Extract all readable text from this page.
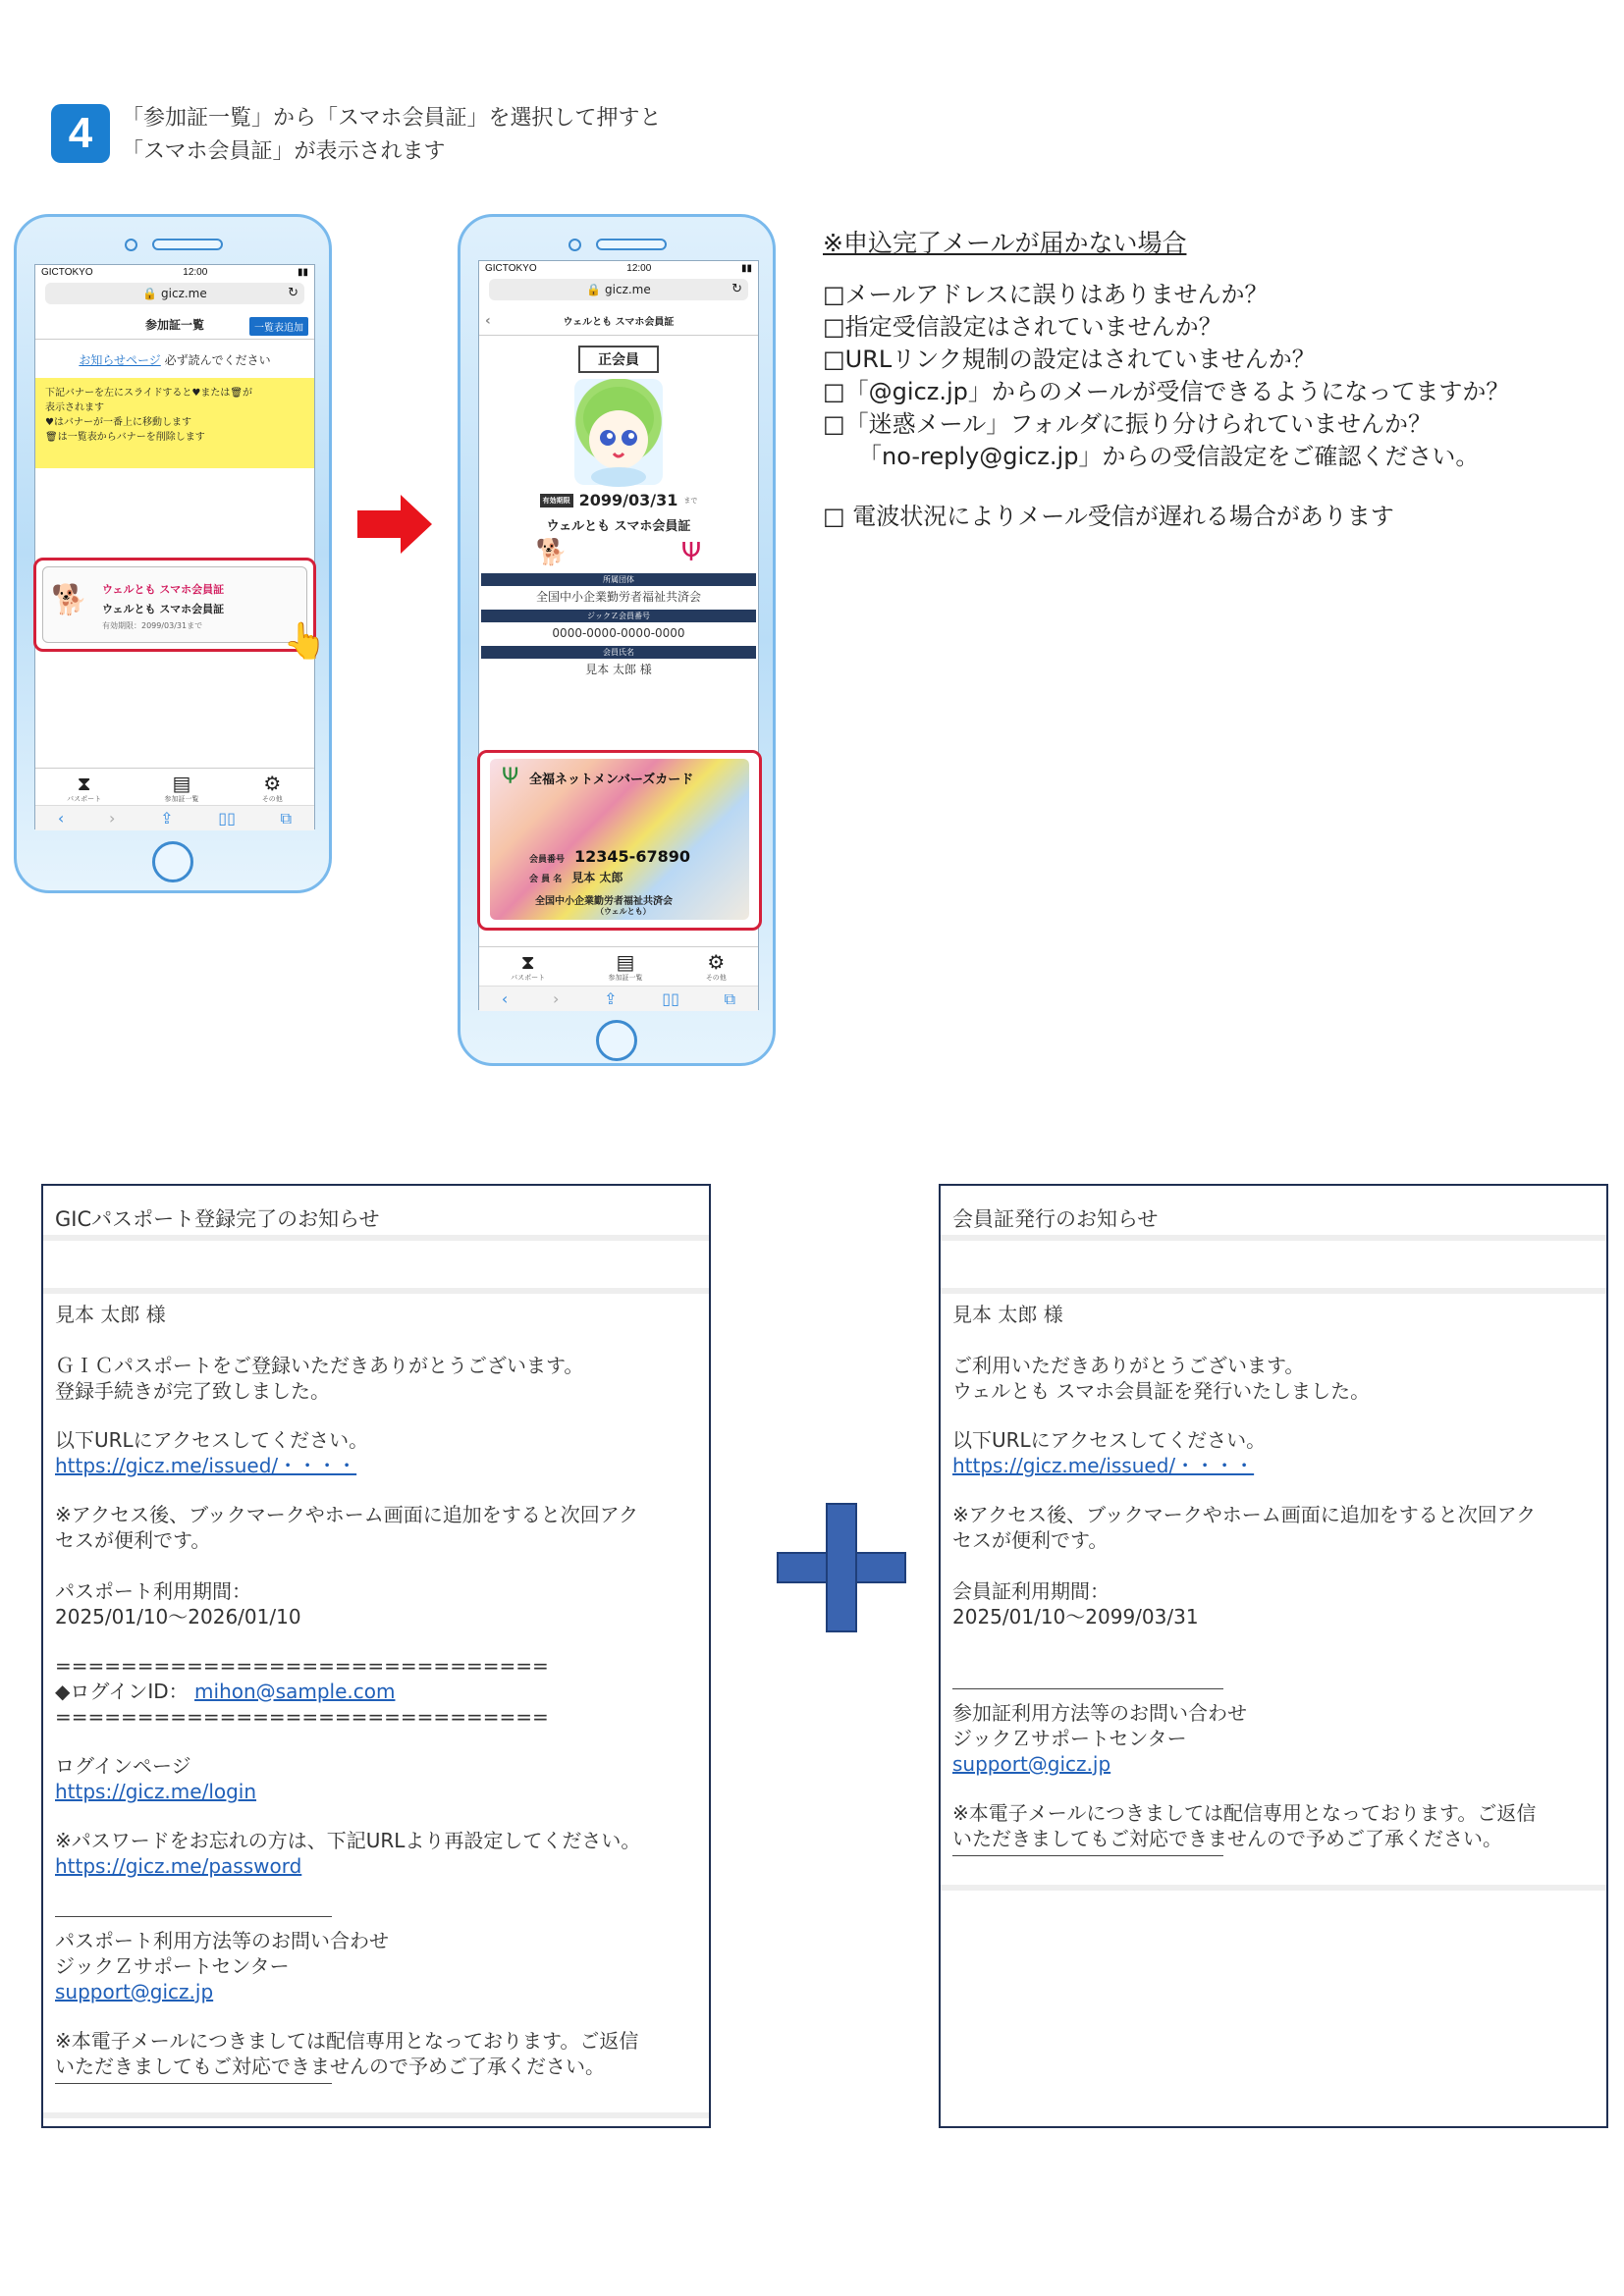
4	「参加証一覧」から「スマホ会員証」を選択して押すと
「スマホ会員証」が表示されます
GICTOKYO	12:00	▮▮
🔒 gicz.me	↻
参加証一覧	一覧表追加
お知らせページ 必ず読んでください
下記バナーを左にスライドすると♥または🗑が
表示されます
♥はバナーが一番上に移動します
🗑は一覧表からバナーを削除します
🐕 ウェルとも スマホ会員証
ウェルとも スマホ会員証
有効期限：2099/03/31まで 👆
⧗
パスポート
▤
参加証一覧
⚙
その他
‹	›	⇪	▯▯	⧉
GICTOKYO	12:00	▮▮
🔒 gicz.me	↻
‹	ウェルとも スマホ会員証
正会員
有効期限 2099/03/31 まで
ウェルとも スマホ会員証
🐕	Ψ
所属団体
全国中小企業勤労者福祉共済会
ジックＺ会員番号
0000-0000-0000-0000
会員氏名
見本 太郎 様
Ψ 全福ネットメンバーズカード
会員番号 12345-67890
会 員 名 見本 太郎
全国中小企業勤労者福祉共済会
（ウェルとも）
⧗
パスポート
▤
参加証一覧
⚙
その他
‹	›	⇪	▯▯	⧉
※申込完了メールが届かない場合
□メールアドレスに誤りはありませんか？
□指定受信設定はされていませんか？
□URLリンク規制の設定はされていませんか？
□「@gicz.jp」からのメールが受信できるようになってますか？
□「迷惑メール」フォルダに振り分けられていませんか？
　　「no-reply@gicz.jp」からの受信設定をご確認ください。
□ 電波状況によりメール受信が遅れる場合があります
GICパスポート登録完了のお知らせ
見本 太郎 様
ＧＩＣパスポートをご登録いただきありがとうございます。
登録手続きが完了致しました。
以下URLにアクセスしてください。
https://gicz.me/issued/・・・・
※アクセス後、ブックマークやホーム画面に追加をすると次回アク
セスが便利です。
パスポート利用期間：
2025/01/10～2026/01/10
==============================
◆ログインID： mihon@sample.com
==============================
ログインページ
https://gicz.me/login
※パスワードをお忘れの方は、下記URLより再設定してください。
https://gicz.me/password
パスポート利用方法等のお問い合わせ
ジックＺサポートセンター
support@gicz.jp
※本電子メールにつきましては配信専用となっております。ご返信
いただきましてもご対応できませんので予めご了承ください。
会員証発行のお知らせ
見本 太郎 様
ご利用いただきありがとうございます。
ウェルとも スマホ会員証を発行いたしました。
以下URLにアクセスしてください。
https://gicz.me/issued/・・・・
※アクセス後、ブックマークやホーム画面に追加をすると次回アク
セスが便利です。
会員証利用期間：
2025/01/10～2099/03/31
参加証利用方法等のお問い合わせ
ジックＺサポートセンター
support@gicz.jp
※本電子メールにつきましては配信専用となっております。ご返信
いただきましてもご対応できませんので予めご了承ください。
